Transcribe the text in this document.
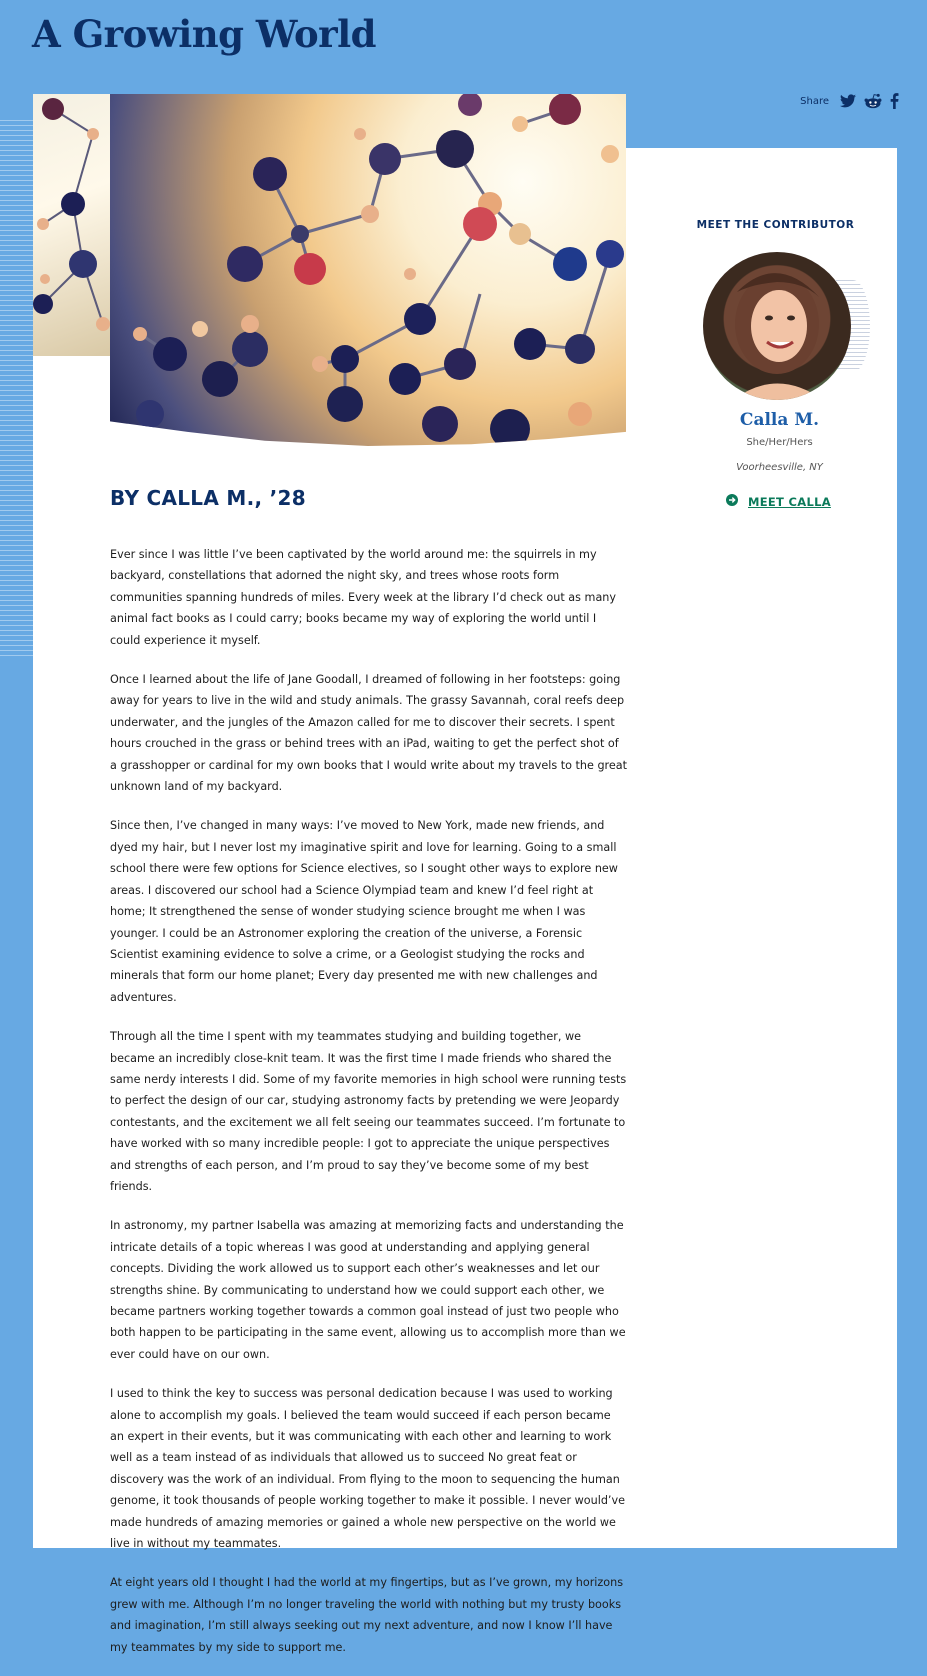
A Growing World
Share
BY CALLA M., ’28

Ever since I was little I’ve been captivated by the world around me: the squirrels in my backyard, constellations that adorned the night sky, and trees whose roots form communities spanning hundreds of miles. Every week at the library I’d check out as many animal fact books as I could carry; books became my way of exploring the world until I could experience it myself.

Once I learned about the life of Jane Goodall, I dreamed of following in her footsteps: going away for years to live in the wild and study animals. The grassy Savannah, coral reefs deep underwater, and the jungles of the Amazon called for me to discover their secrets. I spent hours crouched in the grass or behind trees with an iPad, waiting to get the perfect shot of a grasshopper or cardinal for my own books that I would write about my travels to the great unknown land of my backyard.

Since then, I’ve changed in many ways: I’ve moved to New York, made new friends, and dyed my hair, but I never lost my imaginative spirit and love for learning. Going to a small school there were few options for Science electives, so I sought other ways to explore new areas. I discovered our school had a Science Olympiad team and knew I’d feel right at home; It strengthened the sense of wonder studying science brought me when I was younger. I could be an Astronomer exploring the creation of the universe, a Forensic Scientist examining evidence to solve a crime, or a Geologist studying the rocks and minerals that form our home planet; Every day presented me with new challenges and adventures.

Through all the time I spent with my teammates studying and building together, we became an incredibly close-knit team. It was the first time I made friends who shared the same nerdy interests I did. Some of my favorite memories in high school were running tests to perfect the design of our car, studying astronomy facts by pretending we were Jeopardy contestants, and the excitement we all felt seeing our teammates succeed. I’m fortunate to have worked with so many incredible people: I got to appreciate the unique perspectives and strengths of each person, and I’m proud to say they’ve become some of my best friends.

In astronomy, my partner Isabella was amazing at memorizing facts and understanding the intricate details of a topic whereas I was good at understanding and applying general concepts. Dividing the work allowed us to support each other’s weaknesses and let our strengths shine. By communicating to understand how we could support each other, we became partners working together towards a common goal instead of just two people who both happen to be participating in the same event, allowing us to accomplish more than we ever could have on our own.

I used to think the key to success was personal dedication because I was used to working alone to accomplish my goals. I believed the team would succeed if each person became an expert in their events, but it was communicating with each other and learning to work well as a team instead of as individuals that allowed us to succeed No great feat or discovery was the work of an individual. From flying to the moon to sequencing the human genome, it took thousands of people working together to make it possible. I never would’ve made hundreds of amazing memories or gained a whole new perspective on the world we live in without my teammates.

At eight years old I thought I had the world at my fingertips, but as I’ve grown, my horizons grew with me. Although I’m no longer traveling the world with nothing but my trusty books and imagination, I’m still always seeking out my next adventure, and now I know I’ll have my teammates by my side to support me.

MEET THE CONTRIBUTOR
Calla M.
She/Her/Hers
Voorheesville, NY
MEET CALLA
